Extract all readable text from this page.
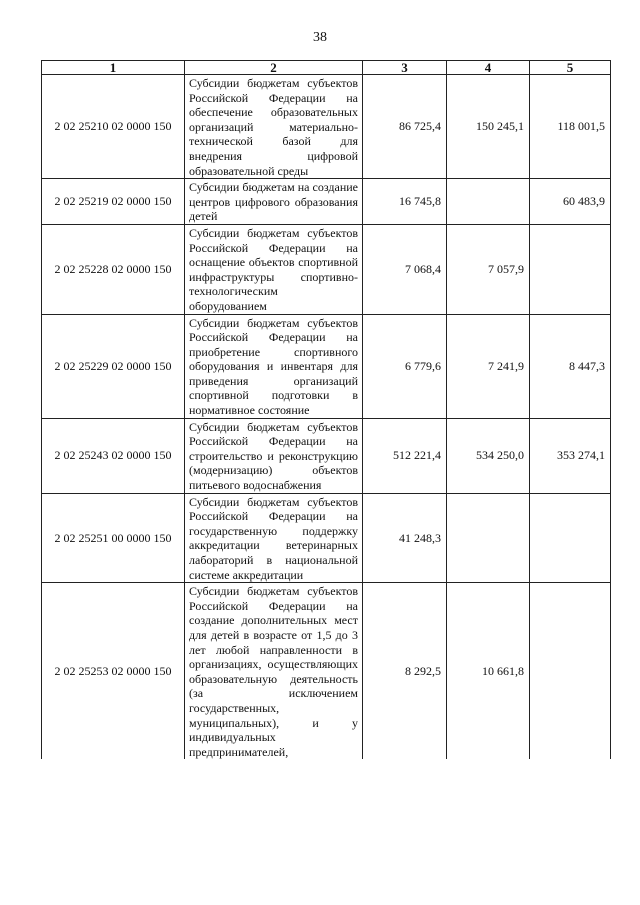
38
1	2	3	4	5
2 02 25210 02 0000 150	Субсидии бюджетам субъектов Российской Федерации на обеспечение образовательных организаций материально-технической базой для внедрения цифровой образовательной среды	86 725,4	150 245,1	118 001,5
2 02 25219 02 0000 150	Субсидии бюджетам на создание центров цифрового образования детей	16 745,8		60 483,9
2 02 25228 02 0000 150	Субсидии бюджетам субъектов Российской Федерации на оснащение объектов спортивной инфраструктуры спортивно-технологическим оборудованием	7 068,4	7 057,9	
2 02 25229 02 0000 150	Субсидии бюджетам субъектов Российской Федерации на приобретение спортивного оборудования и инвентаря для приведения организаций спортивной подготовки в нормативное состояние	6 779,6	7 241,9	8 447,3
2 02 25243 02 0000 150	Субсидии бюджетам субъектов Российской Федерации на строительство и реконструкцию (модернизацию) объектов питьевого водоснабжения	512 221,4	534 250,0	353 274,1
2 02 25251 00 0000 150	Субсидии бюджетам субъектов Российской Федерации на государственную поддержку аккредитации ветеринарных лабораторий в национальной системе аккредитации	41 248,3		
2 02 25253 02 0000 150	Субсидии бюджетам субъектов Российской Федерации на создание дополнительных мест для детей в возрасте от 1,5 до 3 лет любой направленности в организациях, осуществляющих образовательную деятельность (за исключением государственных, муниципальных), и у индивидуальных предпринимателей,	8 292,5	10 661,8	
